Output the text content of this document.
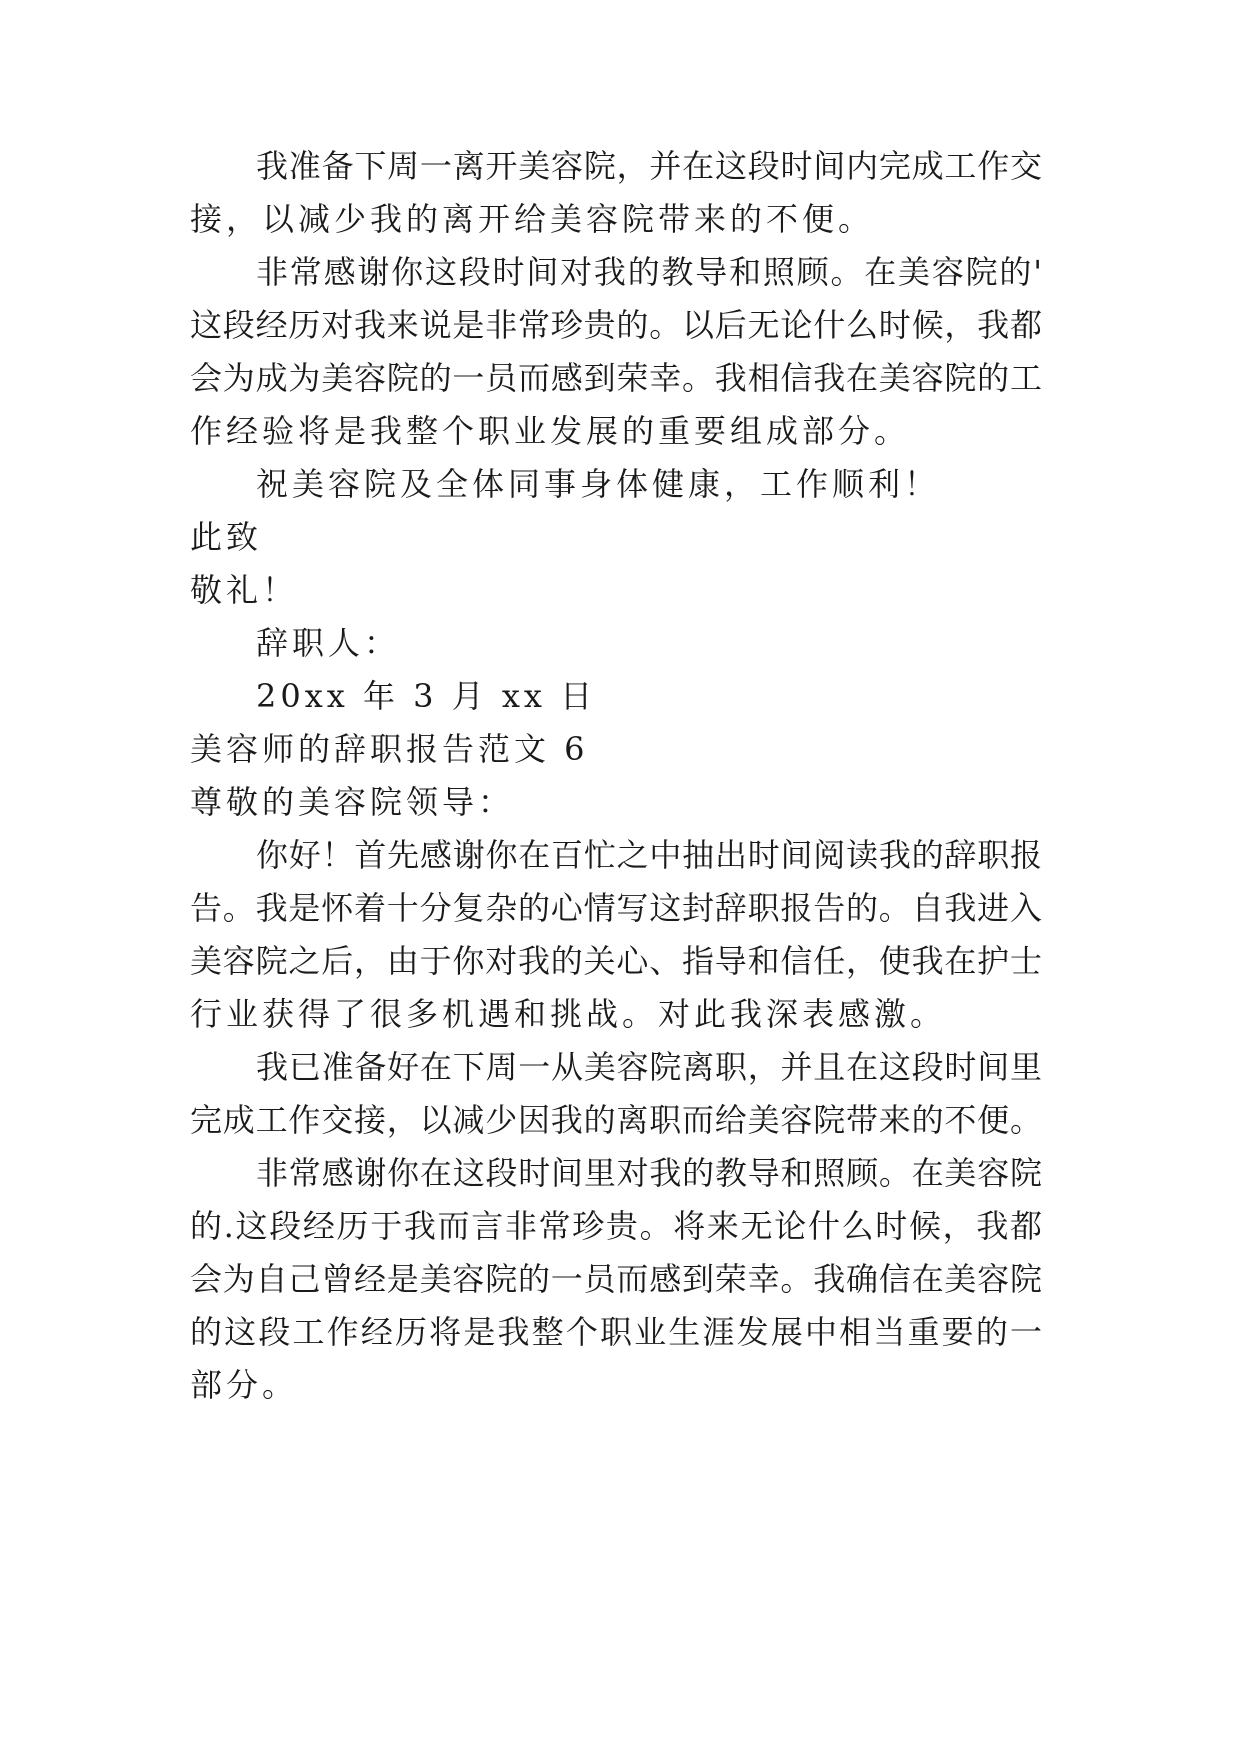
我准备下周一离开美容院，并在这段时间内完成工作交
接，以减少我的离开给美容院带来的不便。
非常感谢你这段时间对我的教导和照顾。在美容院的'
这段经历对我来说是非常珍贵的。以后无论什么时候，我都
会为成为美容院的一员而感到荣幸。我相信我在美容院的工
作经验将是我整个职业发展的重要组成部分。
祝美容院及全体同事身体健康，工作顺利！
此致
敬礼！
辞职人：
20xx 年 3 月 xx 日
美容师的辞职报告范文 6
尊敬的美容院领导：
你好！首先感谢你在百忙之中抽出时间阅读我的辞职报
告。我是怀着十分复杂的心情写这封辞职报告的。自我进入
美容院之后，由于你对我的关心、指导和信任，使我在护士
行业获得了很多机遇和挑战。对此我深表感激。
我已准备好在下周一从美容院离职，并且在这段时间里
完成工作交接，以减少因我的离职而给美容院带来的不便。
非常感谢你在这段时间里对我的教导和照顾。在美容院
的.这段经历于我而言非常珍贵。将来无论什么时候，我都
会为自己曾经是美容院的一员而感到荣幸。我确信在美容院
的这段工作经历将是我整个职业生涯发展中相当重要的一
部分。
